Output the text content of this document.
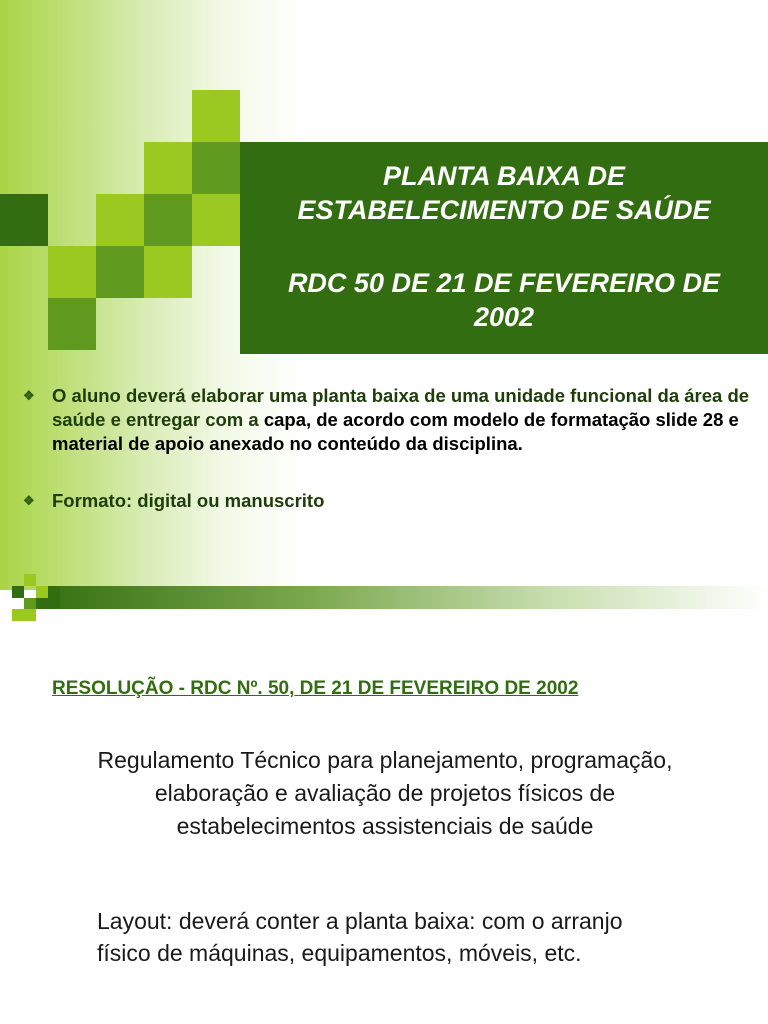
PLANTA BAIXA DE
ESTABELECIMENTO DE SAÚDE
RDC 50 DE 21 DE FEVEREIRO DE
2002
❖ O aluno deverá elaborar uma planta baixa de uma unidade funcional da área de saúde e entregar com a capa, de acordo com modelo de formatação slide 28 e material de apoio anexado no conteúdo da disciplina.
❖ Formato: digital ou manuscrito
RESOLUÇÃO - RDC Nº. 50, DE 21 DE FEVEREIRO DE 2002
Regulamento Técnico para planejamento, programação,
elaboração e avaliação de projetos físicos de
estabelecimentos assistenciais de saúde
Layout: deverá conter a planta baixa: com o arranjo
físico de máquinas, equipamentos, móveis, etc.
